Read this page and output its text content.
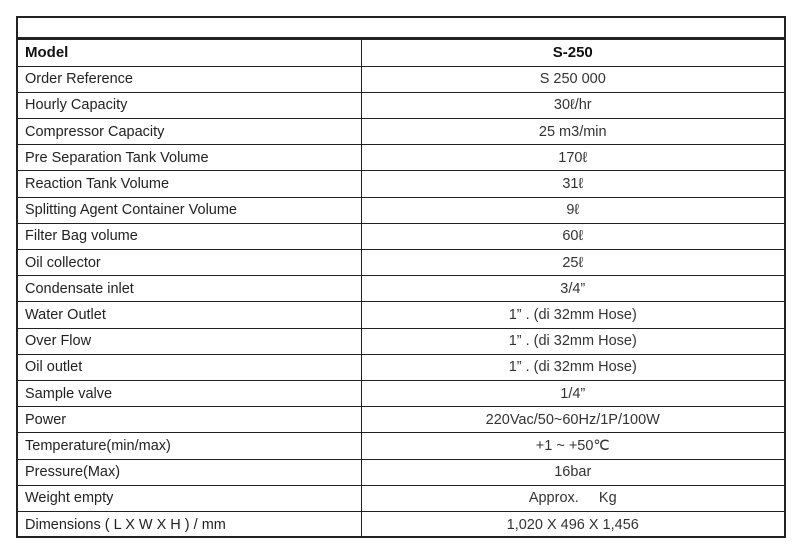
Model	S-250
Order Reference	S 250 000
Hourly Capacity	30ℓ/hr
Compressor Capacity	25 m3/min
Pre Separation Tank Volume	170ℓ
Reaction Tank Volume	31ℓ
Splitting Agent Container Volume	9ℓ
Filter Bag volume	60ℓ
Oil collector	25ℓ
Condensate inlet	3/4”
Water Outlet	1” . (di 32mm Hose)
Over Flow	1” . (di 32mm Hose)
Oil outlet	1” . (di 32mm Hose)
Sample valve	1/4”
Power	220Vac/50~60Hz/1P/100W
Temperature(min/max)	+1 ~ +50℃
Pressure(Max)	16bar
Weight empty	Approx.     Kg
Dimensions ( L X W X H ) / mm	1,020 X 496 X 1,456
